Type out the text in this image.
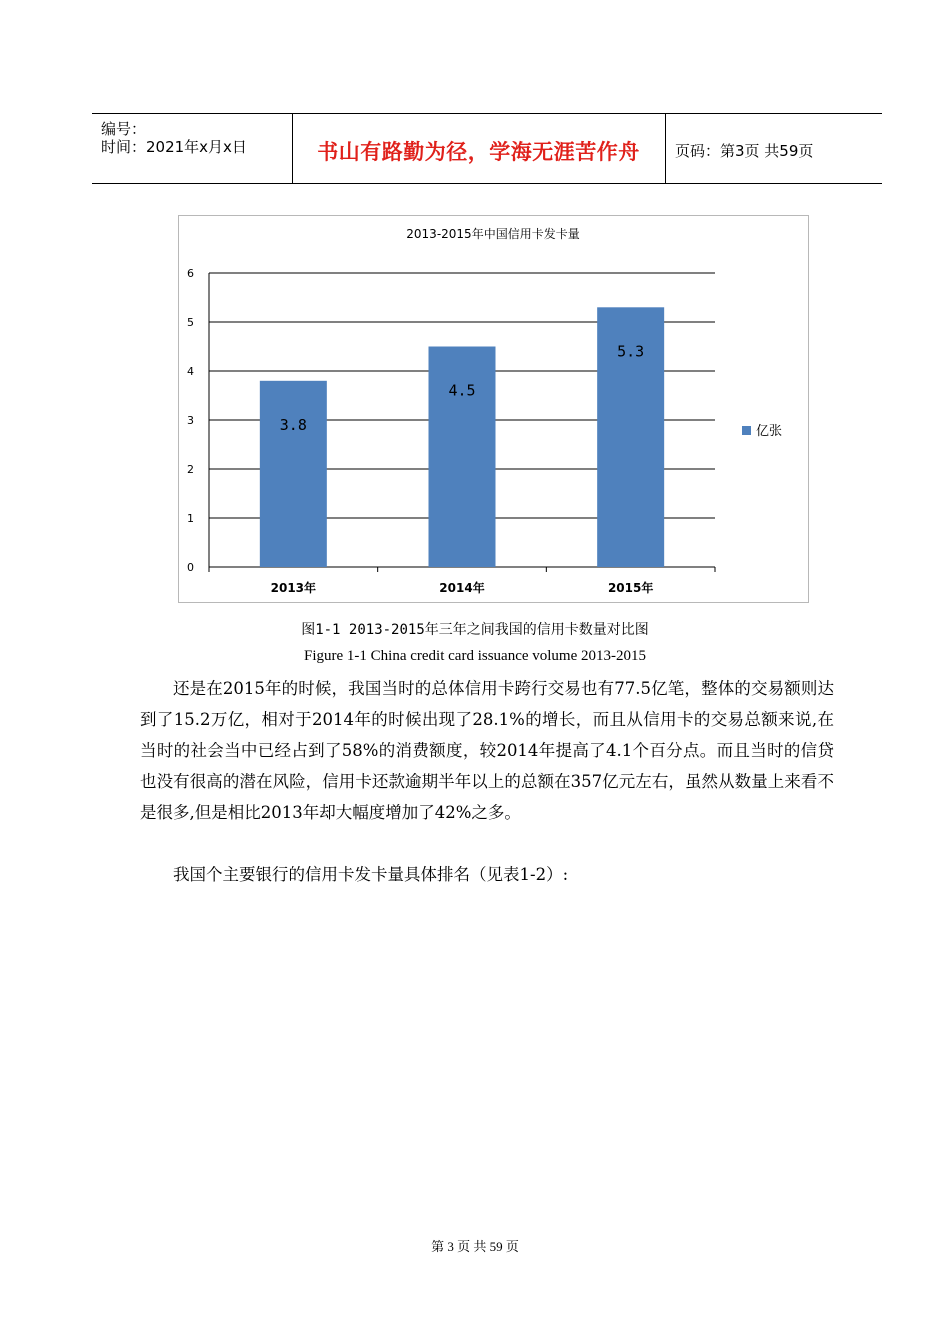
编号：
时间：2021年x月x日	书山有路勤为径，学海无涯苦作舟	页码：第3页 共59页
2013-2015年中国信用卡发卡量
0
1
2
3
4
5
6
3.8
2013年
4.5
2014年
5.3
2015年
亿张
图1-1 2013-2015年三年之间我国的信用卡数量对比图
Figure 1-1 China credit card issuance volume 2013-2015
还是在2015年的时候，我国当时的总体信用卡跨行交易也有77.5亿笔，整体的交易额则达到了15.2万亿，相对于2014年的时候出现了28.1%的增长，而且从信用卡的交易总额来说,在当时的社会当中已经占到了58%的消费额度，较2014年提高了4.1个百分点。而且当时的信贷也没有很高的潜在风险，信用卡还款逾期半年以上的总额在357亿元左右，虽然从数量上来看不是很多,但是相比2013年却大幅度增加了42%之多。
我国个主要银行的信用卡发卡量具体排名（见表1-2）:
第 3 页 共 59 页
